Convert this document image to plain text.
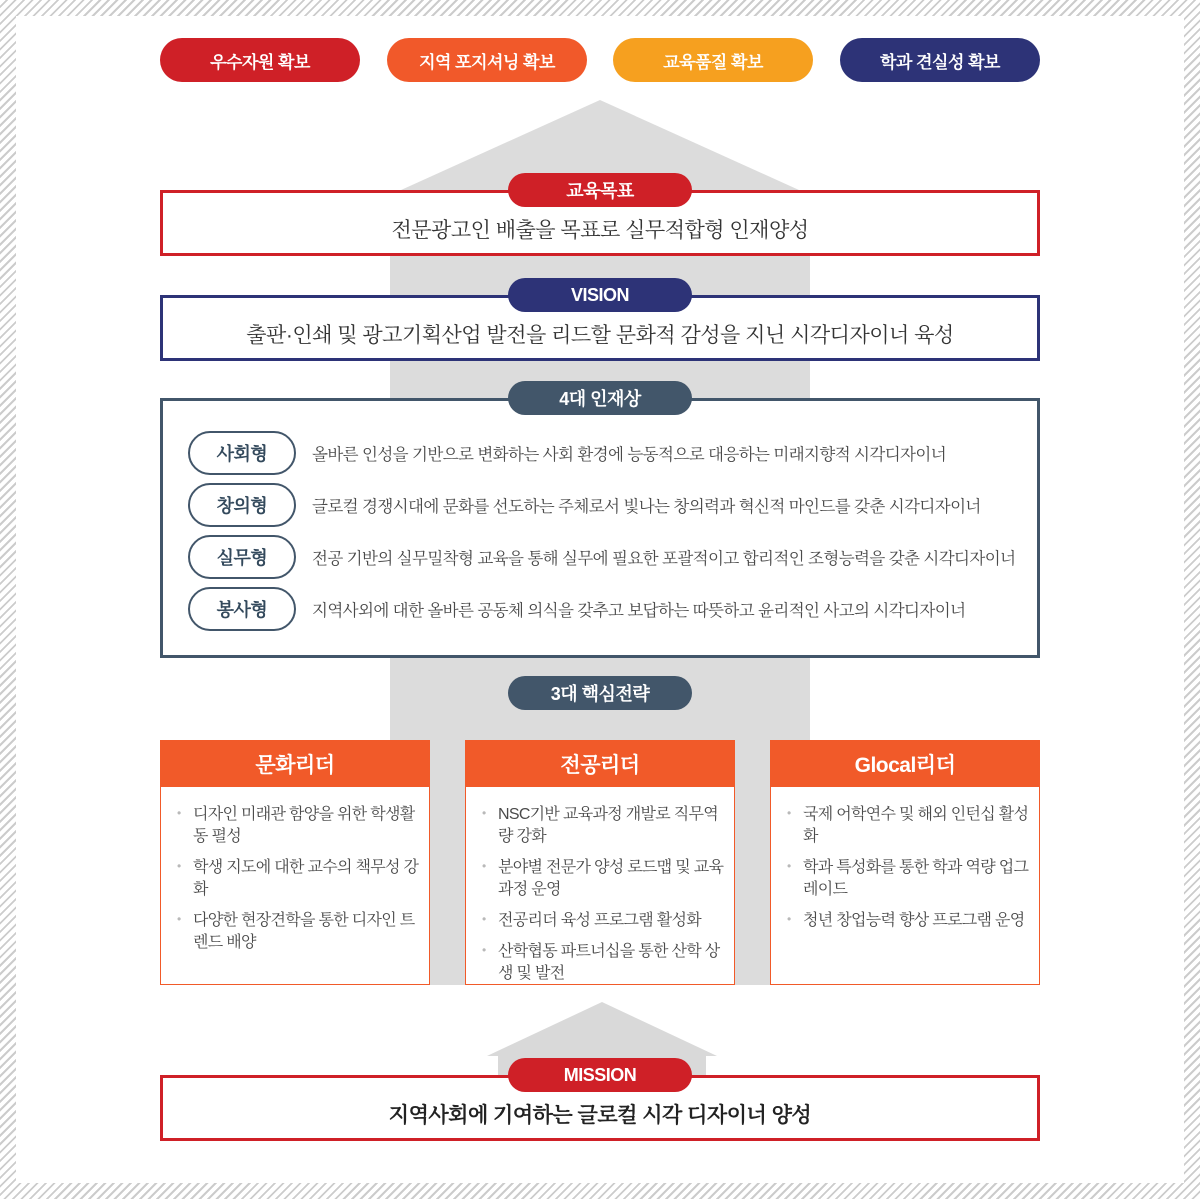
우수자원 확보	지역 포지셔닝 확보	교육품질 확보	학과 견실성 확보
교육목표
전문광고인 배출을 목표로 실무적합형 인재양성
VISION
출판·인쇄 및 광고기획산업 발전을 리드할 문화적 감성을 지닌 시각디자이너 육성
4대 인재상
사회형	올바른 인성을 기반으로 변화하는 사회 환경에 능동적으로 대응하는 미래지향적 시각디자이너
창의형	글로컬 경쟁시대에 문화를 선도하는 주체로서 빛나는 창의력과 혁신적 마인드를 갖춘 시각디자이너
실무형	전공 기반의 실무밀착형 교육을 통해 실무에 필요한 포괄적이고 합리적인 조형능력을 갖춘 시각디자이너
봉사형	지역사외에 대한 올바른 공동체 의식을 갖추고 보답하는 따뜻하고 윤리적인 사고의 시각디자이너
3대 핵심전략
문화리더
• 디자인 미래관 함양을 위한 학생활동 펼성
• 학생 지도에 대한 교수의 책무성 강화
• 다양한 현장견학을 통한 디자인 트렌드 배양
전공리더
• NSC기반 교육과정 개발로 직무역량 강화
• 분야별 전문가 양성 로드맵 및 교육과정 운영
• 전공리더 육성 프로그램 활성화
• 산학협동 파트너십을 통한 산학 상생 및 발전
Glocal리더
• 국제 어학연수 및 해외 인턴십 활성화
• 학과 특성화를 통한 학과 역량 업그레이드
• 청년 창업능력 향상 프로그램 운영
MISSION
지역사회에 기여하는 글로컬 시각 디자이너 양성
